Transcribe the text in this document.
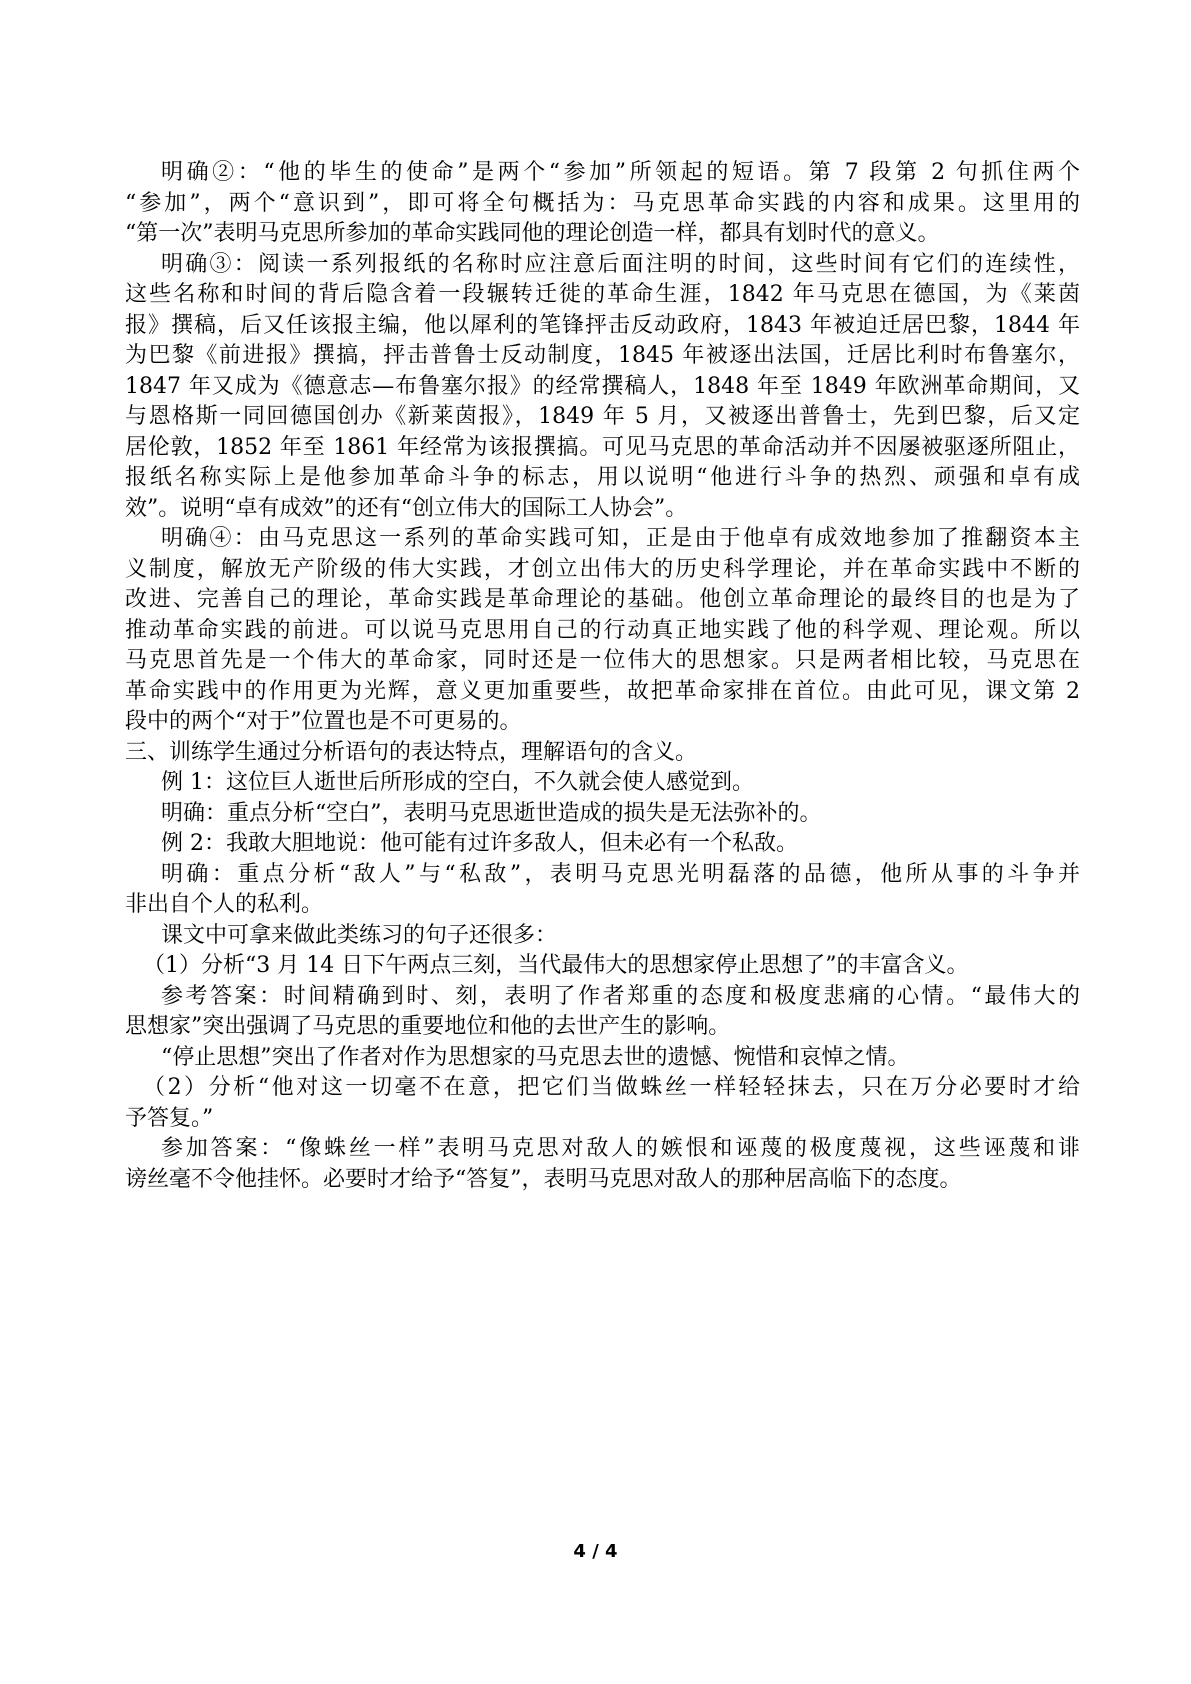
明确②：“他的毕生的使命”是两个“参加”所领起的短语。第 7 段第 2 句抓住两个
“参加”，两个“意识到”，即可将全句概括为：马克思革命实践的内容和成果。这里用的
“第一次”表明马克思所参加的革命实践同他的理论创造一样，都具有划时代的意义。
明确③：阅读一系列报纸的名称时应注意后面注明的时间，这些时间有它们的连续性，
这些名称和时间的背后隐含着一段辗转迁徙的革命生涯，1842 年马克思在德国，为《莱茵
报》撰稿，后又任该报主编，他以犀利的笔锋抨击反动政府，1843 年被迫迁居巴黎，1844 年
为巴黎《前进报》撰搞，抨击普鲁士反动制度，1845 年被逐出法国，迁居比利时布鲁塞尔，
1847 年又成为《德意志—布鲁塞尔报》的经常撰稿人，1848 年至 1849 年欧洲革命期间，又
与恩格斯一同回德国创办《新莱茵报》，1849 年 5 月，又被逐出普鲁士，先到巴黎，后又定
居伦敦，1852 年至 1861 年经常为该报撰搞。可见马克思的革命活动并不因屡被驱逐所阻止，
报纸名称实际上是他参加革命斗争的标志，用以说明“他进行斗争的热烈、顽强和卓有成
效”。说明“卓有成效”的还有“创立伟大的国际工人协会”。
明确④：由马克思这一系列的革命实践可知，正是由于他卓有成效地参加了推翻资本主
义制度，解放无产阶级的伟大实践，才创立出伟大的历史科学理论，并在革命实践中不断的
改进、完善自己的理论，革命实践是革命理论的基础。他创立革命理论的最终目的也是为了
推动革命实践的前进。可以说马克思用自己的行动真正地实践了他的科学观、理论观。所以
马克思首先是一个伟大的革命家，同时还是一位伟大的思想家。只是两者相比较，马克思在
革命实践中的作用更为光辉，意义更加重要些，故把革命家排在首位。由此可见，课文第 2
段中的两个“对于”位置也是不可更易的。
三、训练学生通过分析语句的表达特点，理解语句的含义。
例 1：这位巨人逝世后所形成的空白，不久就会使人感觉到。
明确：重点分析“空白”，表明马克思逝世造成的损失是无法弥补的。
例 2：我敢大胆地说：他可能有过许多敌人，但未必有一个私敌。
明确：重点分析“敌人”与“私敌”，表明马克思光明磊落的品德，他所从事的斗争并
非出自个人的私利。
课文中可拿来做此类练习的句子还很多：
（1）分析“3 月 14 日下午两点三刻，当代最伟大的思想家停止思想了”的丰富含义。
参考答案：时间精确到时、刻，表明了作者郑重的态度和极度悲痛的心情。“最伟大的
思想家”突出强调了马克思的重要地位和他的去世产生的影响。
“停止思想”突出了作者对作为思想家的马克思去世的遗憾、惋惜和哀悼之情。
（2）分析“他对这一切毫不在意，把它们当做蛛丝一样轻轻抹去，只在万分必要时才给
予答复。”
参加答案：“像蛛丝一样”表明马克思对敌人的嫉恨和诬蔑的极度蔑视，这些诬蔑和诽
谤丝毫不令他挂怀。必要时才给予“答复”，表明马克思对敌人的那种居高临下的态度。
4 / 4
